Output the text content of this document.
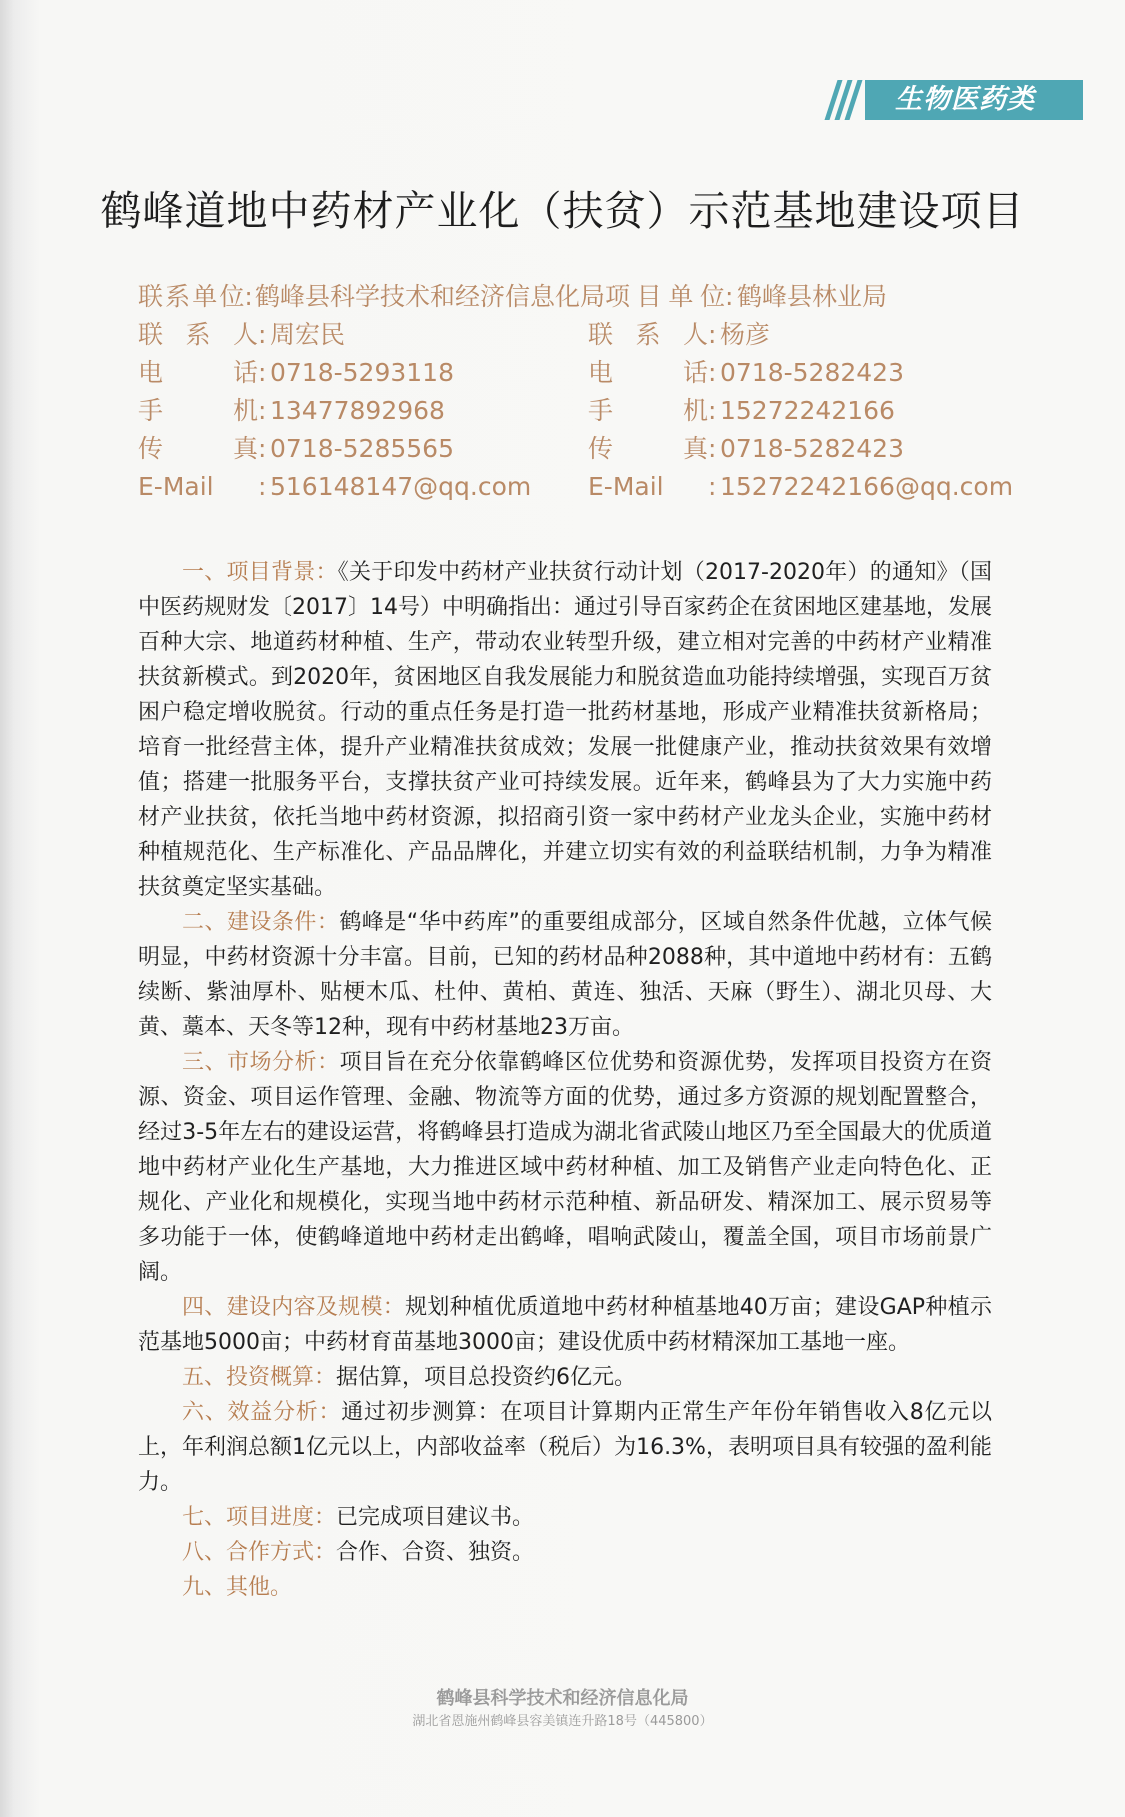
生物医药类
鹤峰道地中药材产业化（扶贫）示范基地建设项目
联系单位 : 鹤峰县科学技术和经济信息化局 项目单位 : 鹤峰县林业局
联系人 : 周宏民	联系人 : 杨彦
电话 : 0718-5293118	电话 : 0718-5282423
手机 : 13477892968	手机 : 15272242166
传真 : 0718-5285565	传真 : 0718-5282423
E-Mail	: 516148147@qq.com E-Mail	: 15272242166@qq.com

一、项目背景：《关于印发中药材产业扶贫行动计划（2017-2020年）的通知》（国中医药规财发〔2017〕14号）中明确指出：通过引导百家药企在贫困地区建基地，发展百种大宗、地道药材种植、生产，带动农业转型升级，建立相对完善的中药材产业精准扶贫新模式。到2020年，贫困地区自我发展能力和脱贫造血功能持续增强，实现百万贫困户稳定增收脱贫。行动的重点任务是打造一批药材基地，形成产业精准扶贫新格局；培育一批经营主体，提升产业精准扶贫成效；发展一批健康产业，推动扶贫效果有效增值；搭建一批服务平台，支撑扶贫产业可持续发展。近年来，鹤峰县为了大力实施中药材产业扶贫，依托当地中药材资源，拟招商引资一家中药材产业龙头企业，实施中药材种植规范化、生产标准化、产品品牌化，并建立切实有效的利益联结机制，力争为精准扶贫奠定坚实基础。

二、建设条件：鹤峰是“华中药库”的重要组成部分，区域自然条件优越，立体气候明显，中药材资源十分丰富。目前，已知的药材品种2088种，其中道地中药材有：五鹤续断、紫油厚朴、贴梗木瓜、杜仲、黄柏、黄连、独活、天麻（野生）、湖北贝母、大黄、藁本、天冬等12种，现有中药材基地23万亩。

三、市场分析：项目旨在充分依靠鹤峰区位优势和资源优势，发挥项目投资方在资源、资金、项目运作管理、金融、物流等方面的优势，通过多方资源的规划配置整合，经过3-5年左右的建设运营，将鹤峰县打造成为湖北省武陵山地区乃至全国最大的优质道地中药材产业化生产基地，大力推进区域中药材种植、加工及销售产业走向特色化、正规化、产业化和规模化，实现当地中药材示范种植、新品研发、精深加工、展示贸易等多功能于一体，使鹤峰道地中药材走出鹤峰，唱响武陵山，覆盖全国，项目市场前景广阔。

四、建设内容及规模：规划种植优质道地中药材种植基地40万亩；建设GAP种植示范基地5000亩；中药材育苗基地3000亩；建设优质中药材精深加工基地一座。

五、投资概算：据估算，项目总投资约6亿元。

六、效益分析：通过初步测算：在项目计算期内正常生产年份年销售收入8亿元以上，年利润总额1亿元以上，内部收益率（税后）为16.3%，表明项目具有较强的盈利能力。

七、项目进度：已完成项目建议书。

八、合作方式：合作、合资、独资。

九、其他。

鹤峰县科学技术和经济信息化局
湖北省恩施州鹤峰县容美镇连升路18号（445800）
